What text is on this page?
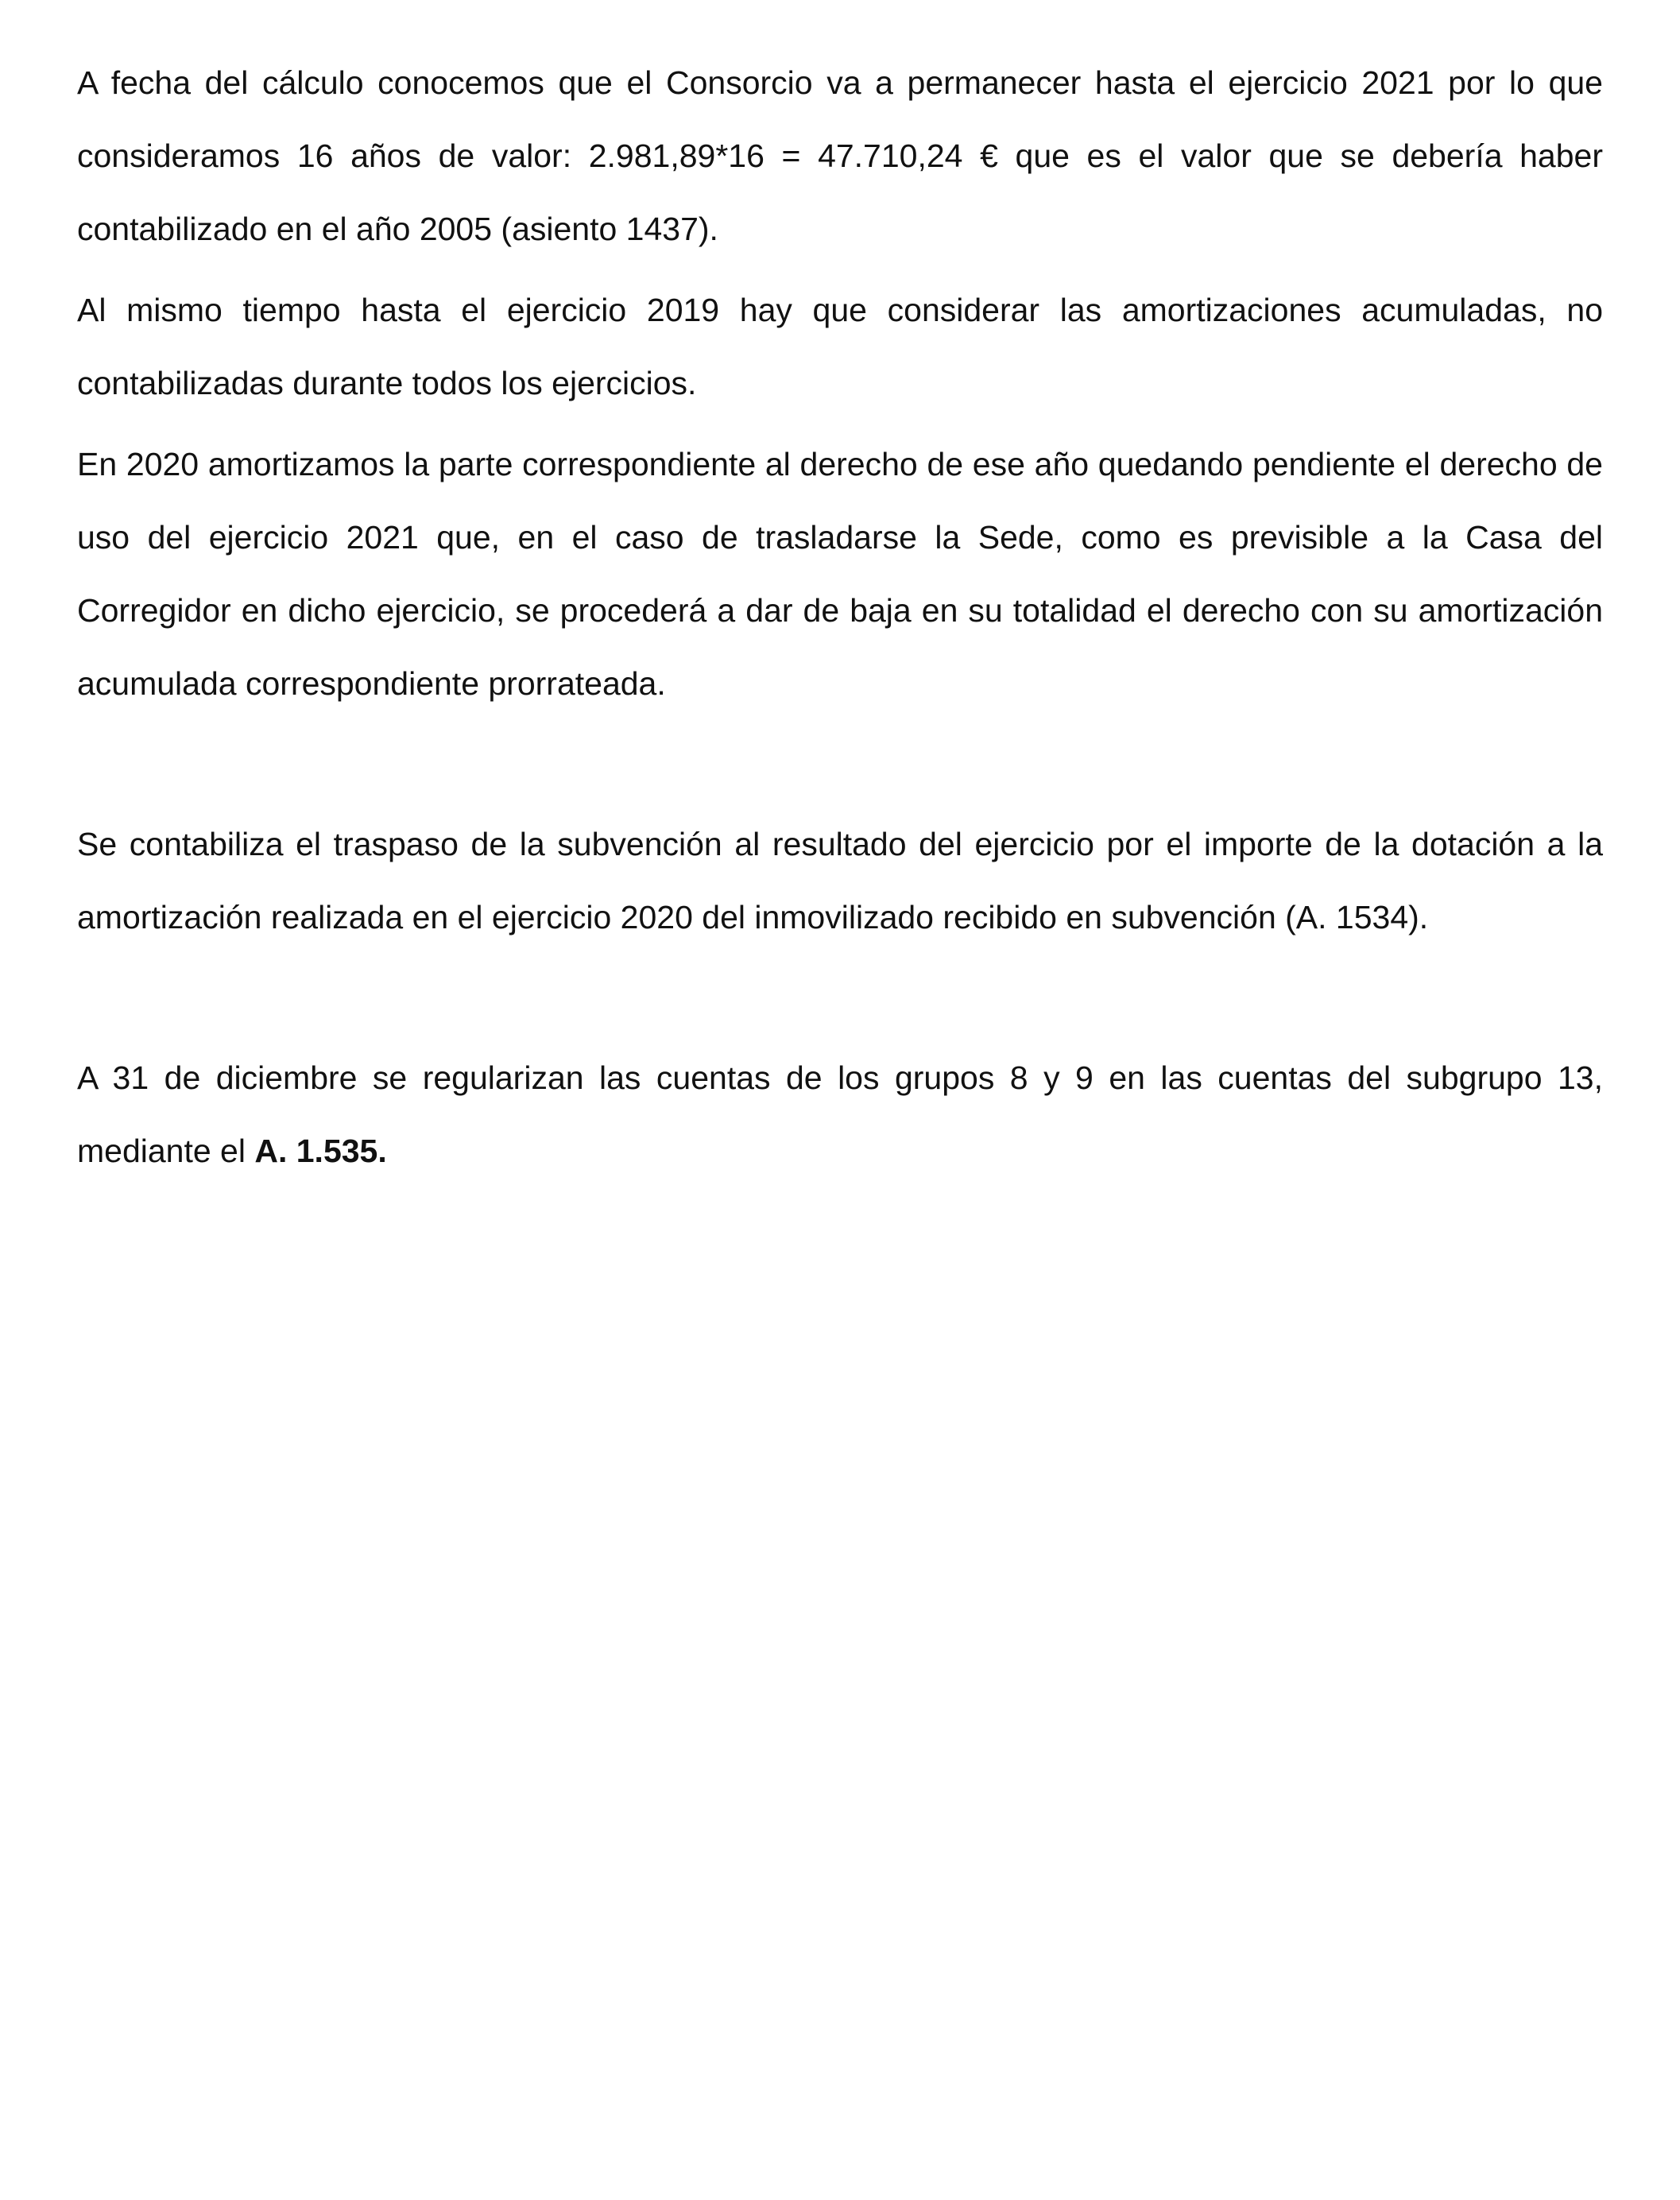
A fecha del cálculo conocemos que el Consorcio va a permanecer hasta el ejercicio 2021 por lo que consideramos 16 años de valor: 2.981,89*16 = 47.710,24 € que es el valor que se debería haber contabilizado en el año 2005 (asiento 1437).

Al mismo tiempo hasta el ejercicio 2019 hay que considerar las amortizaciones acumuladas, no contabilizadas durante todos los ejercicios.

En 2020 amortizamos la parte correspondiente al derecho de ese año quedando pendiente el derecho de uso del ejercicio 2021 que, en el caso de trasladarse la Sede, como es previsible a la Casa del Corregidor en dicho ejercicio, se procederá a dar de baja en su totalidad el derecho con su amortización acumulada correspondiente prorrateada.

Se contabiliza el traspaso de la subvención al resultado del ejercicio por el importe de la dotación a la amortización realizada en el ejercicio 2020 del inmovilizado recibido en subvención (A. 1534).

A 31 de diciembre se regularizan las cuentas de los grupos 8 y 9 en las cuentas del subgrupo 13, mediante el A. 1.535.
